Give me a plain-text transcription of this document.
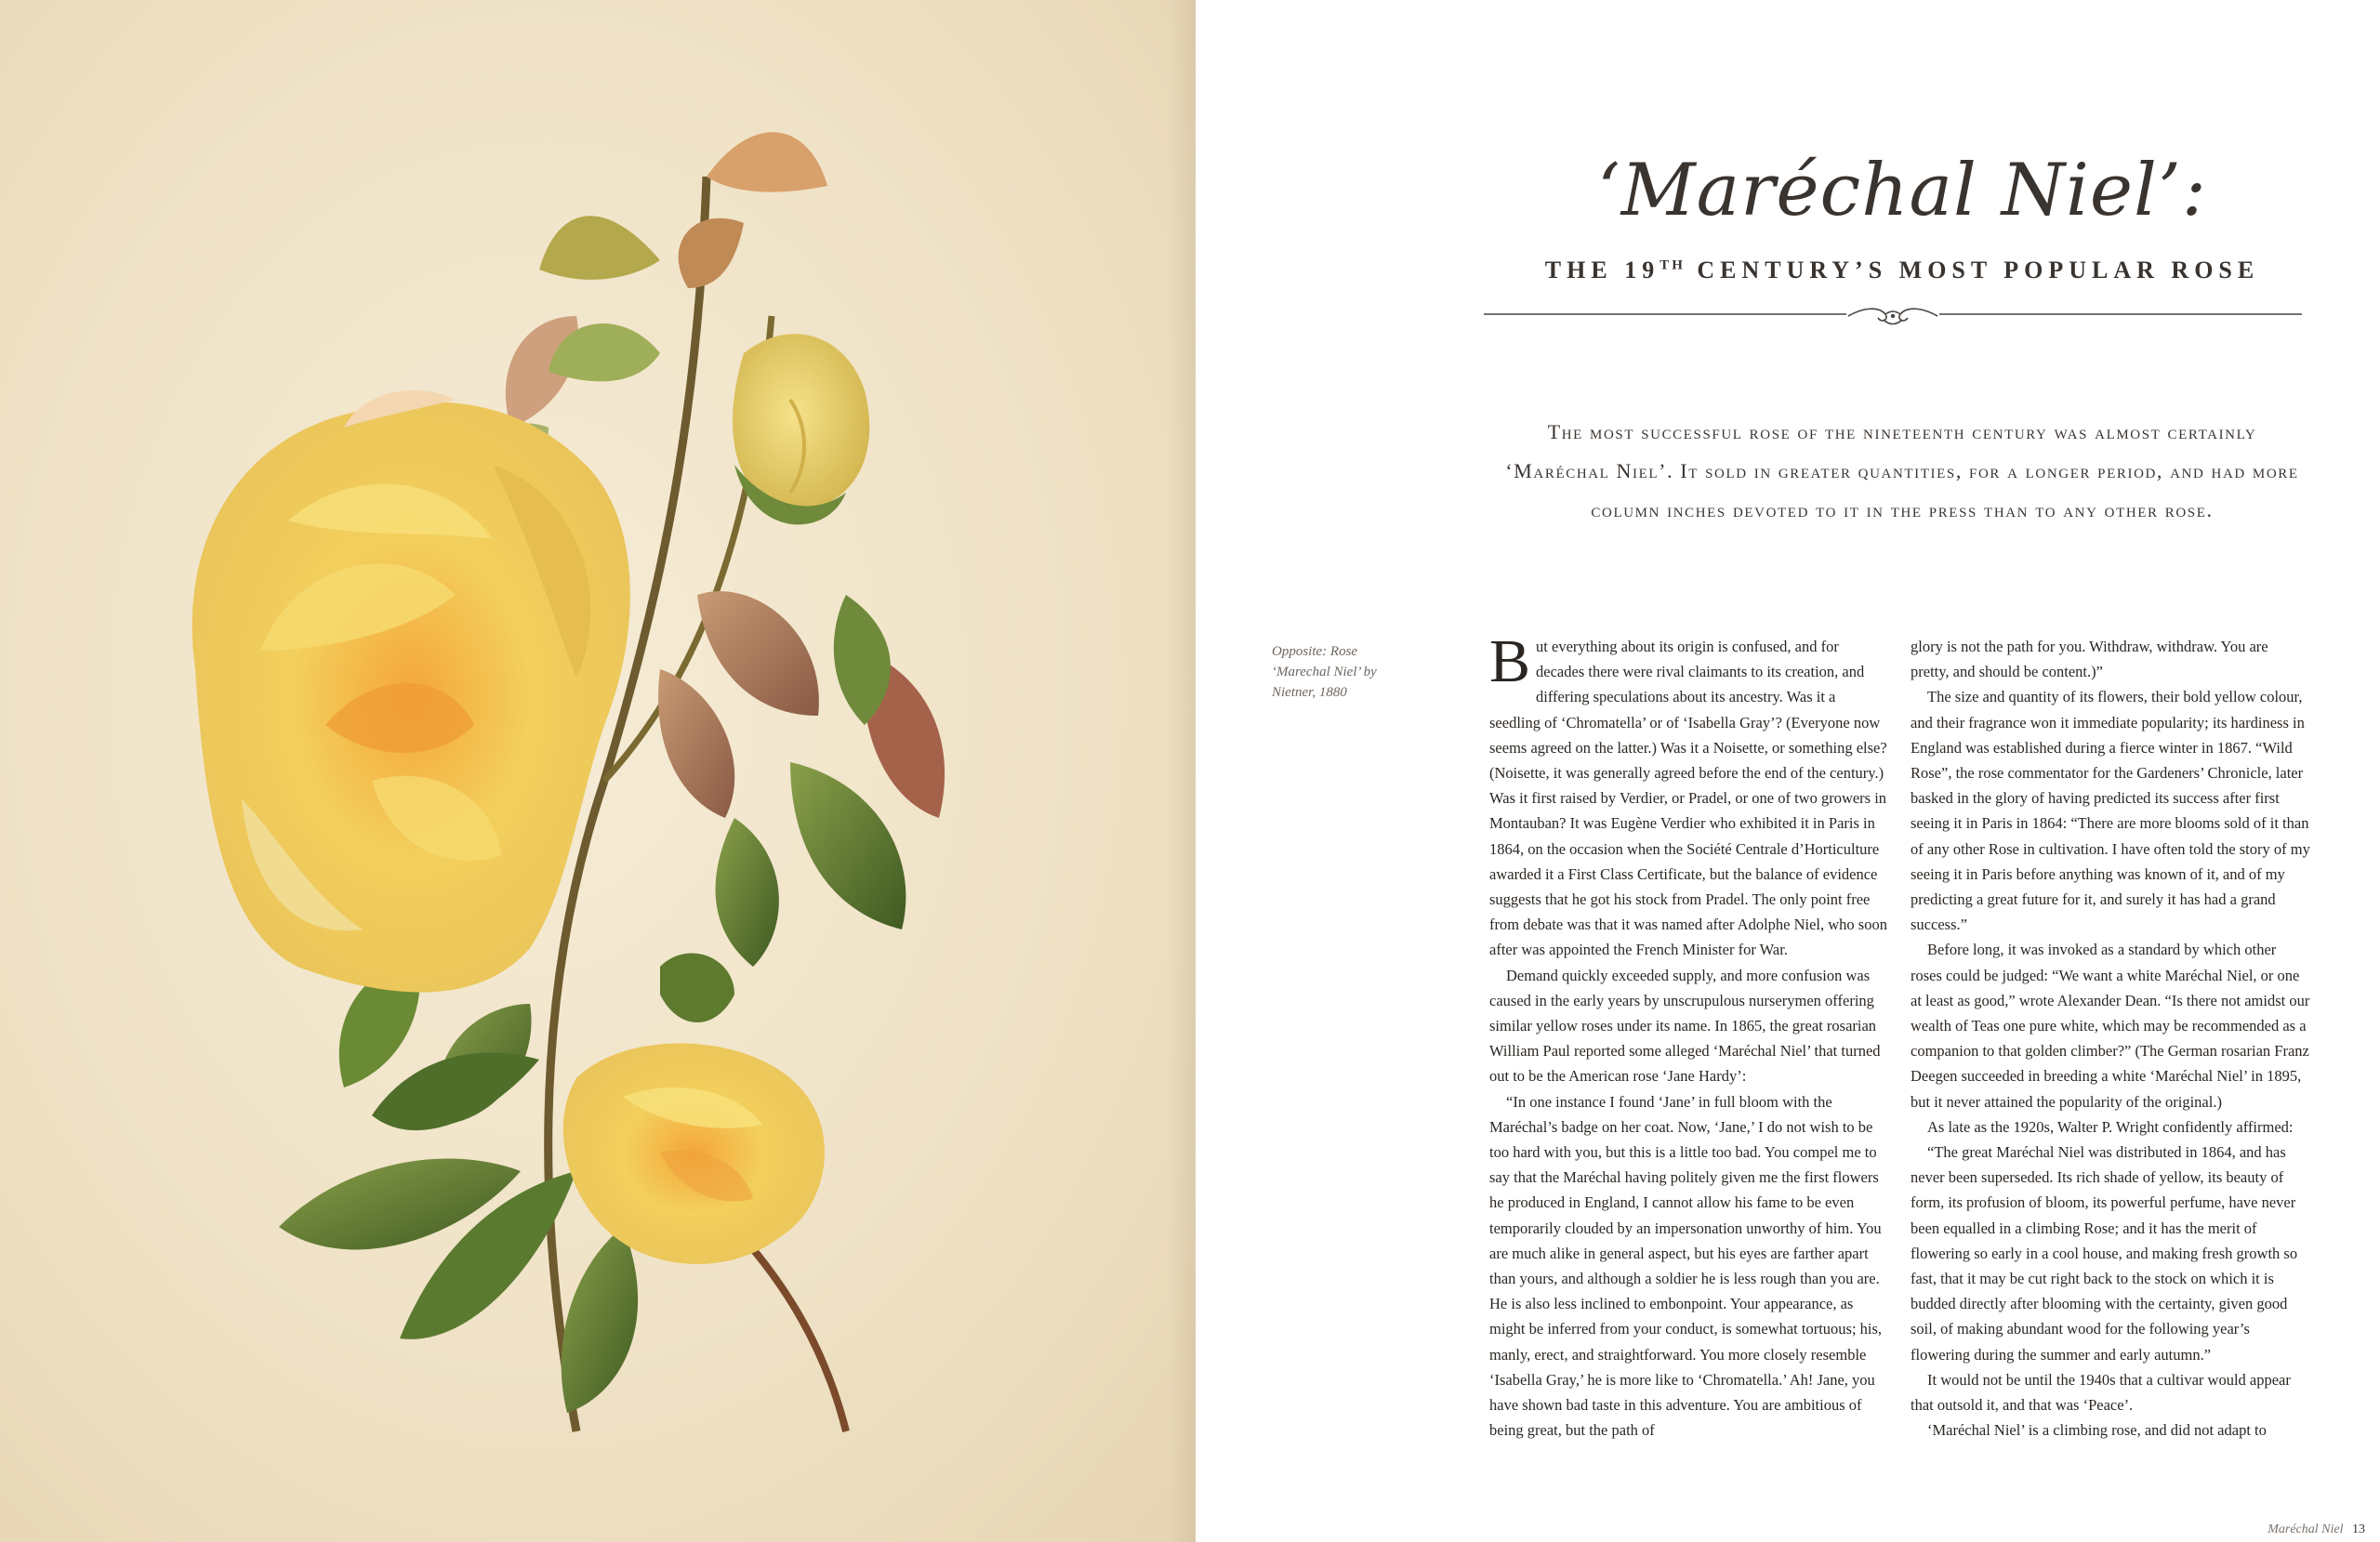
‘Maréchal Niel’:
THE 19TH CENTURY’S MOST POPULAR ROSE

The most successful rose of the nineteenth century was almost certainly ‘Maréchal Niel’. It sold in greater quantities, for a longer period, and had more column inches devoted to it in the press than to any other rose.

Opposite: Rose ‘Marechal Niel’ by Nietner, 1880	But everything about its origin is confused, and for decades there were rival claimants to its creation, and differing speculations about its ancestry. Was it a seedling of ‘Chromatella’ or of ‘Isabella Gray’? (Everyone now seems agreed on the latter.) Was it a Noisette, or something else? (Noisette, it was generally agreed before the end of the century.) Was it first raised by Verdier, or Pradel, or one of two growers in Montauban? It was Eugène Verdier who exhibited it in Paris in 1864, on the occasion when the Société Centrale d’Horticulture awarded it a First Class Certificate, but the balance of evidence suggests that he got his stock from Pradel. The only point free from debate was that it was named after Adolphe Niel, who soon after was appointed the French Minister for War.

Demand quickly exceeded supply, and more confusion was caused in the early years by unscrupulous nurserymen offering similar yellow roses under its name. In 1865, the great rosarian William Paul reported some alleged ‘Maréchal Niel’ that turned out to be the American rose ‘Jane Hardy’:

“In one instance I found ‘Jane’ in full bloom with the Maréchal’s badge on her coat. Now, ‘Jane,’ I do not wish to be too hard with you, but this is a little too bad. You compel me to say that the Maréchal having politely given me the first flowers he produced in England, I cannot allow his fame to be even temporarily clouded by an impersonation unworthy of him. You are much alike in general aspect, but his eyes are farther apart than yours, and although a soldier he is less rough than you are. He is also less inclined to embonpoint. Your appearance, as might be inferred from your conduct, is somewhat tortuous; his, manly, erect, and straightforward. You more closely resemble ‘Isabella Gray,’ he is more like to ‘Chromatella.’ Ah! Jane, you have shown bad taste in this adventure. You are ambitious of being great, but the path of

glory is not the path for you. Withdraw, withdraw. You are pretty, and should be content.)”

The size and quantity of its flowers, their bold yellow colour, and their fragrance won it immediate popularity; its hardiness in England was established during a fierce winter in 1867. “Wild Rose”, the rose commentator for the Gardeners’ Chronicle, later basked in the glory of having predicted its success after first seeing it in Paris in 1864: “There are more blooms sold of it than of any other Rose in cultivation. I have often told the story of my seeing it in Paris before anything was known of it, and of my predicting a great future for it, and surely it has had a grand success.”

Before long, it was invoked as a standard by which other roses could be judged: “We want a white Maréchal Niel, or one at least as good,” wrote Alexander Dean. “Is there not amidst our wealth of Teas one pure white, which may be recommended as a companion to that golden climber?” (The German rosarian Franz Deegen succeeded in breeding a white ‘Maréchal Niel’ in 1895, but it never attained the popularity of the original.)

As late as the 1920s, Walter P. Wright confidently affirmed:

“The great Maréchal Niel was distributed in 1864, and has never been superseded. Its rich shade of yellow, its beauty of form, its profusion of bloom, its powerful perfume, have never been equalled in a climbing Rose; and it has the merit of flowering so early in a cool house, and making fresh growth so fast, that it may be cut right back to the stock on which it is budded directly after blooming with the certainty, given good soil, of making abundant wood for the following year’s flowering during the summer and early autumn.”

It would not be until the 1940s that a cultivar would appear that outsold it, and that was ‘Peace’.

‘Maréchal Niel’ is a climbing rose, and did not adapt to

Maréchal Niel 13
